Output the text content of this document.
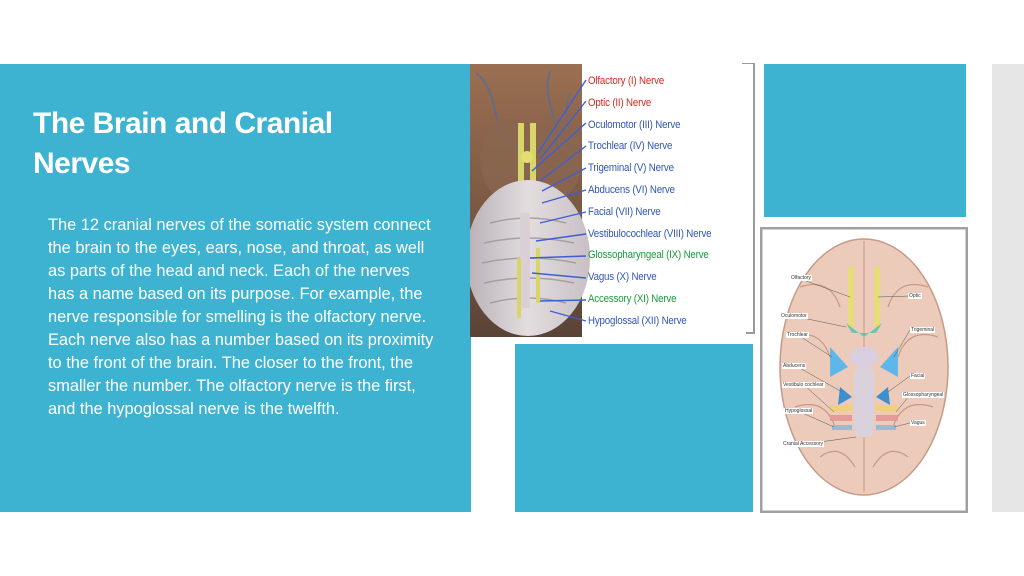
The Brain and Cranial Nerves

The 12 cranial nerves of the somatic system connect the brain to the eyes, ears, nose, and throat, as well as parts of the head and neck. Each of the nerves has a name based on its purpose. For example, the nerve responsible for smelling is the olfactory nerve. Each nerve also has a number based on its proximity to the front of the brain. The closer to the front, the smaller the number. The olfactory nerve is the first, and the hypoglossal nerve is the twelfth.

Olfactory (I) Nerve
Optic (II) Nerve
Oculomotor (III) Nerve
Trochlear (IV) Nerve
Trigeminal (V) Nerve
Abducens (VI) Nerve
Facial (VII) Nerve
Vestibulocochlear (VIII) Nerve
Glossopharyngeal (IX) Nerve
Vagus (X) Nerve
Accessory (XI) Nerve
Hypoglossal (XII) Nerve
Olfactory
Oculomotor
Trochlear
Abducens
Vestibulo cochlear
Hypoglossal
Cranial Accessory
Optic
Trigeminal
Facial
Glossopharyngeal
Vagus
